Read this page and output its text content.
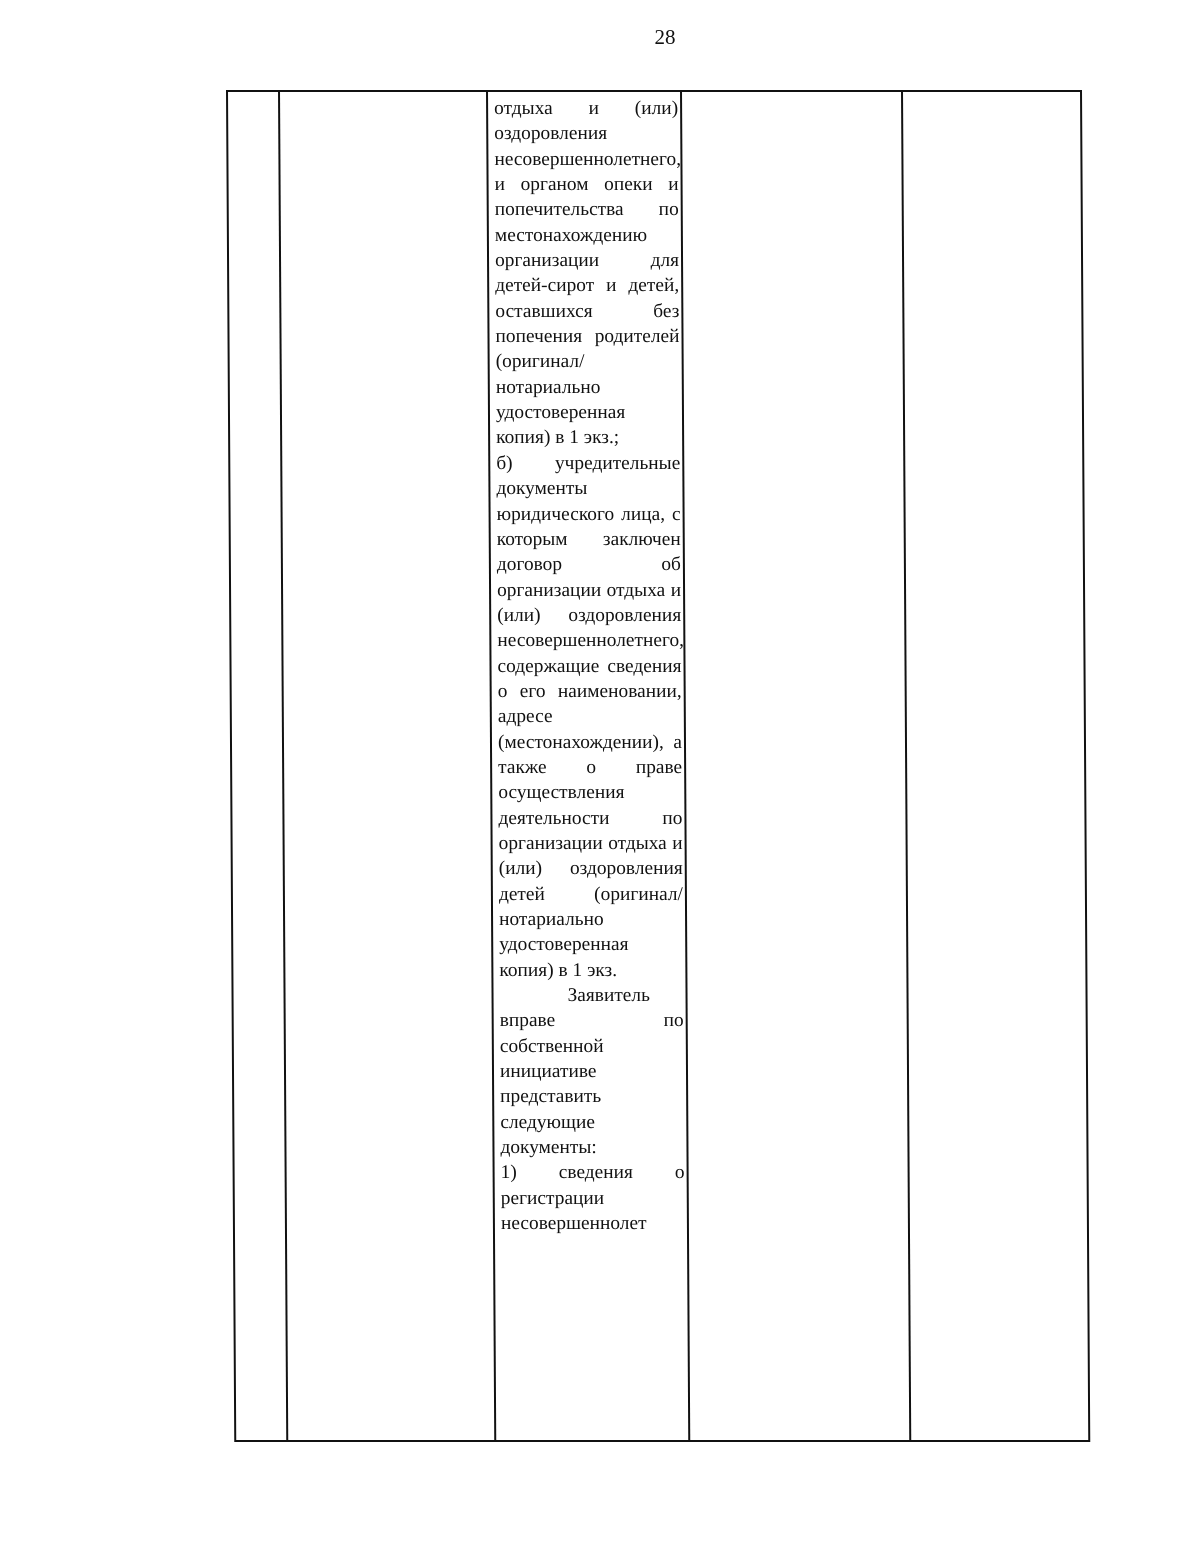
28

отдыха и (или) оздоровления несовершеннолетнего, и органом опеки и попечительства по местонахождению организации для детей-сирот и детей, оставшихся без попечения родителей (оригинал/нотариально удостоверенная копия) в 1 экз.;

б) учредительные документы юридического лица, с которым заключен договор об организации отдыха и (или) оздоровления несовершеннолетнего, содержащие сведения о его наименовании, адресе (местонахождении), а также о праве осуществления деятельности по организации отдыха и (или) оздоровления детей (оригинал/нотариально удостоверенная копия) в 1 экз.

Заявитель вправе по собственной инициативе представить следующие документы:

1) сведения о регистрации несовершеннолет
